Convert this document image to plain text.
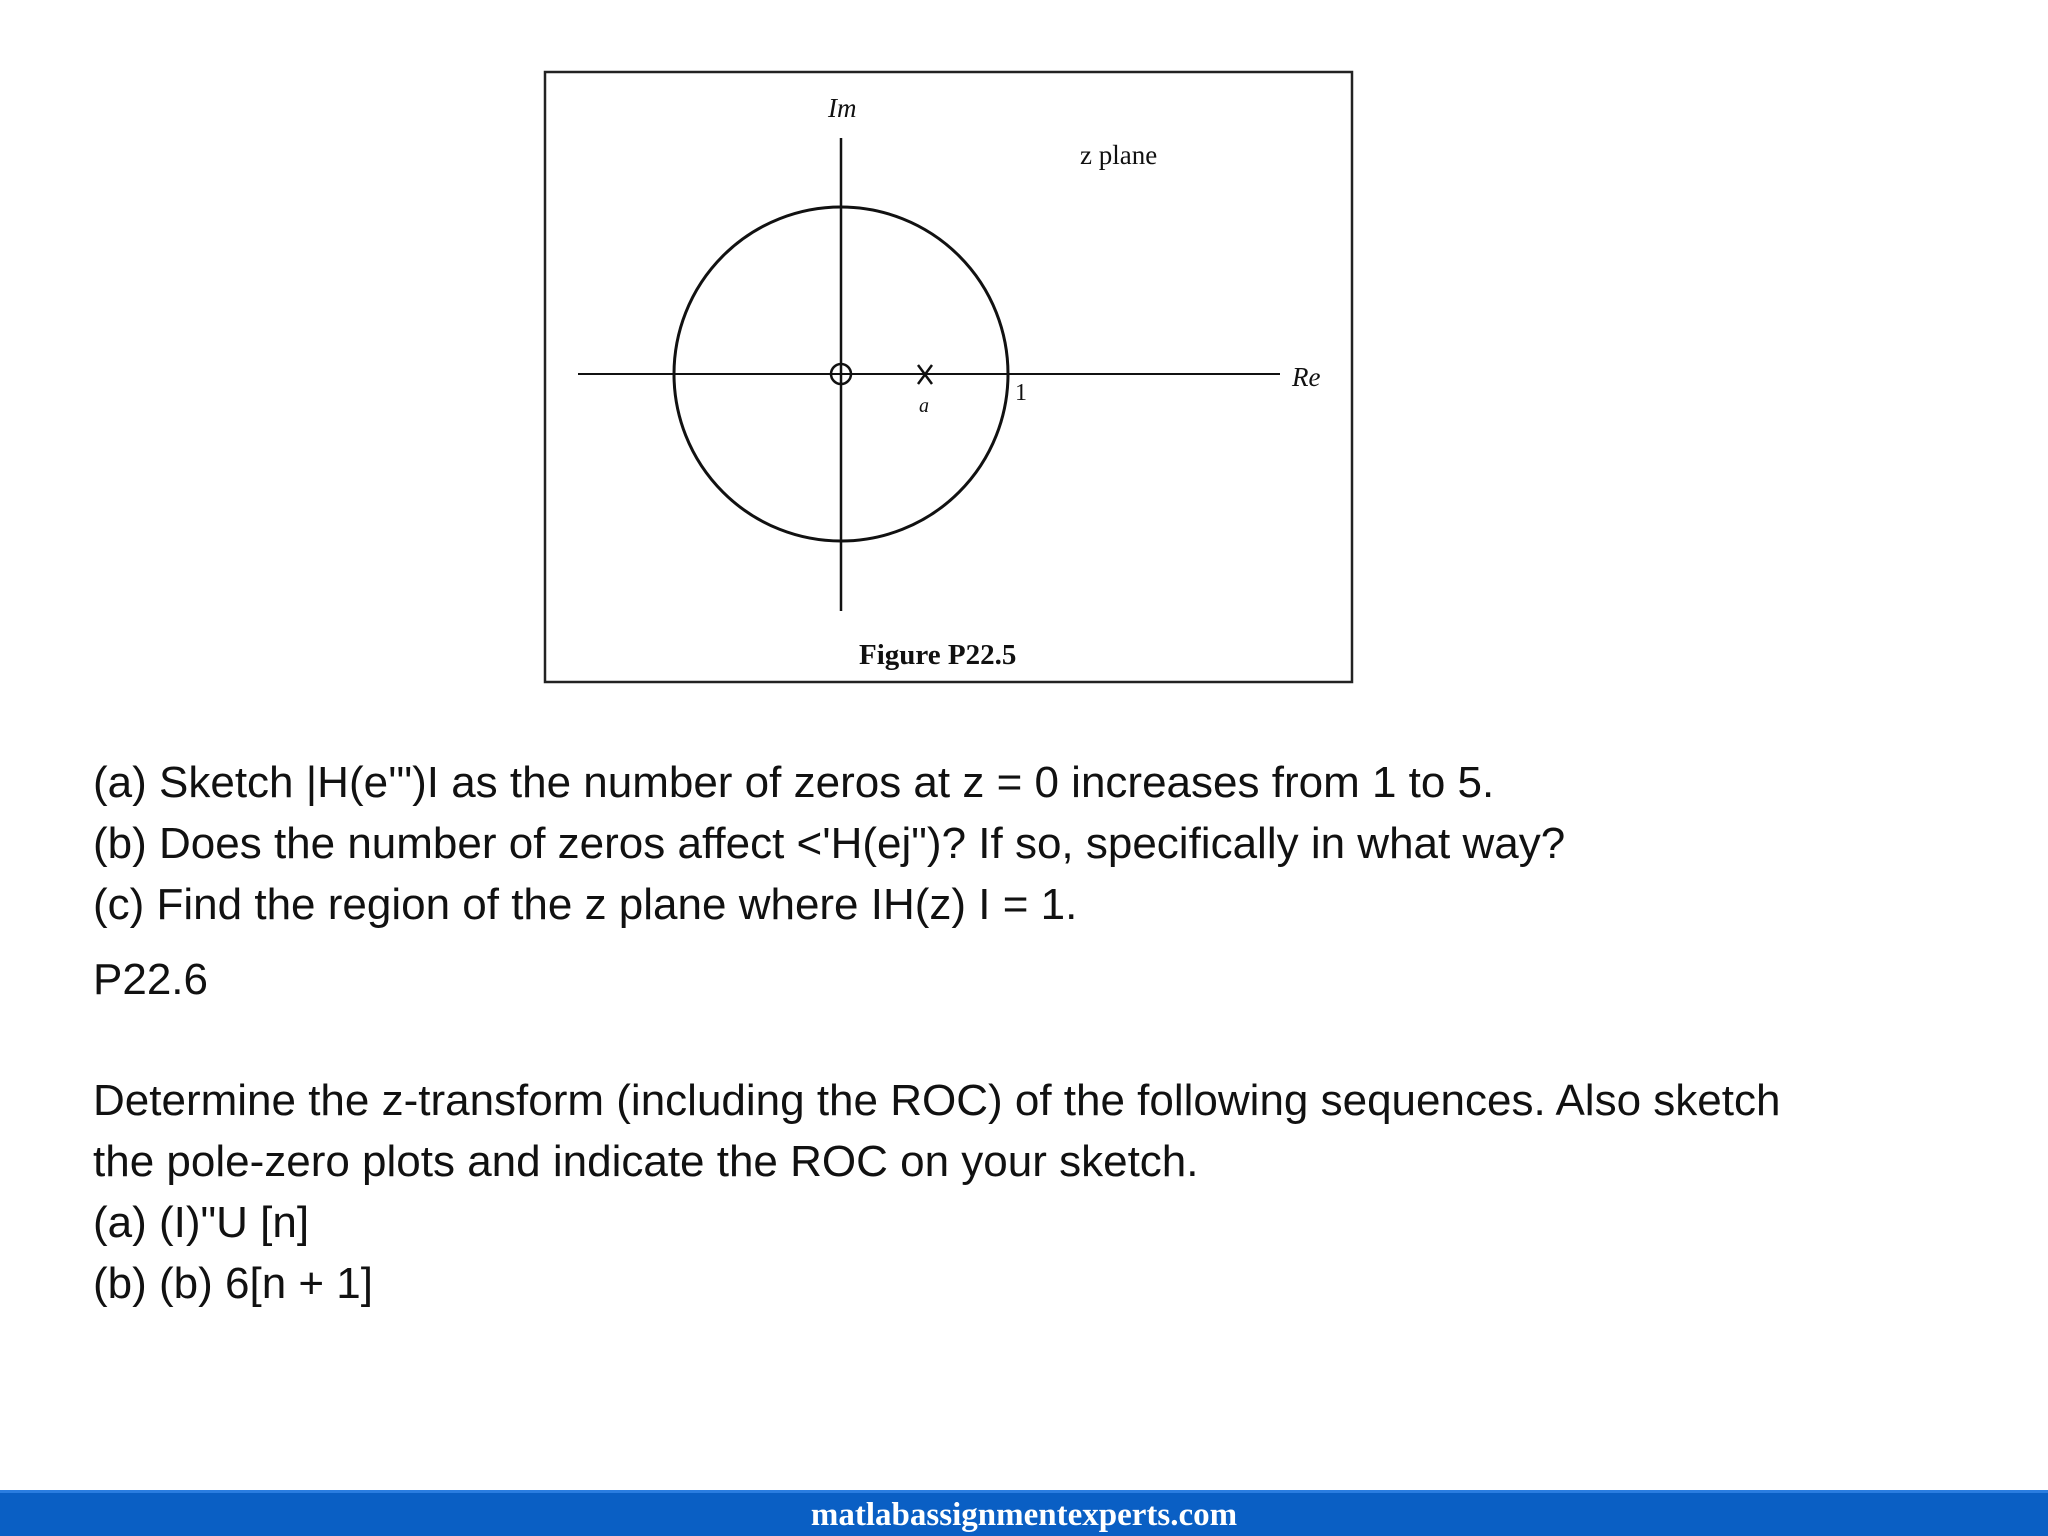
Im
Re
z plane
a	1
Figure P22.5
(a) Sketch |H(e'")I as the number of zeros at z = 0 increases from 1 to 5.
(b) Does the number of zeros affect <'H(ej")? If so, specifically in what way?
(c) Find the region of the z plane where IH(z) I = 1.
P22.6
Determine the z-transform (including the ROC) of the following sequences. Also sketch
the pole-zero plots and indicate the ROC on your sketch.
(a) (I)"U [n]
(b) (b) 6[n + 1]
matlabassignmentexperts.com
